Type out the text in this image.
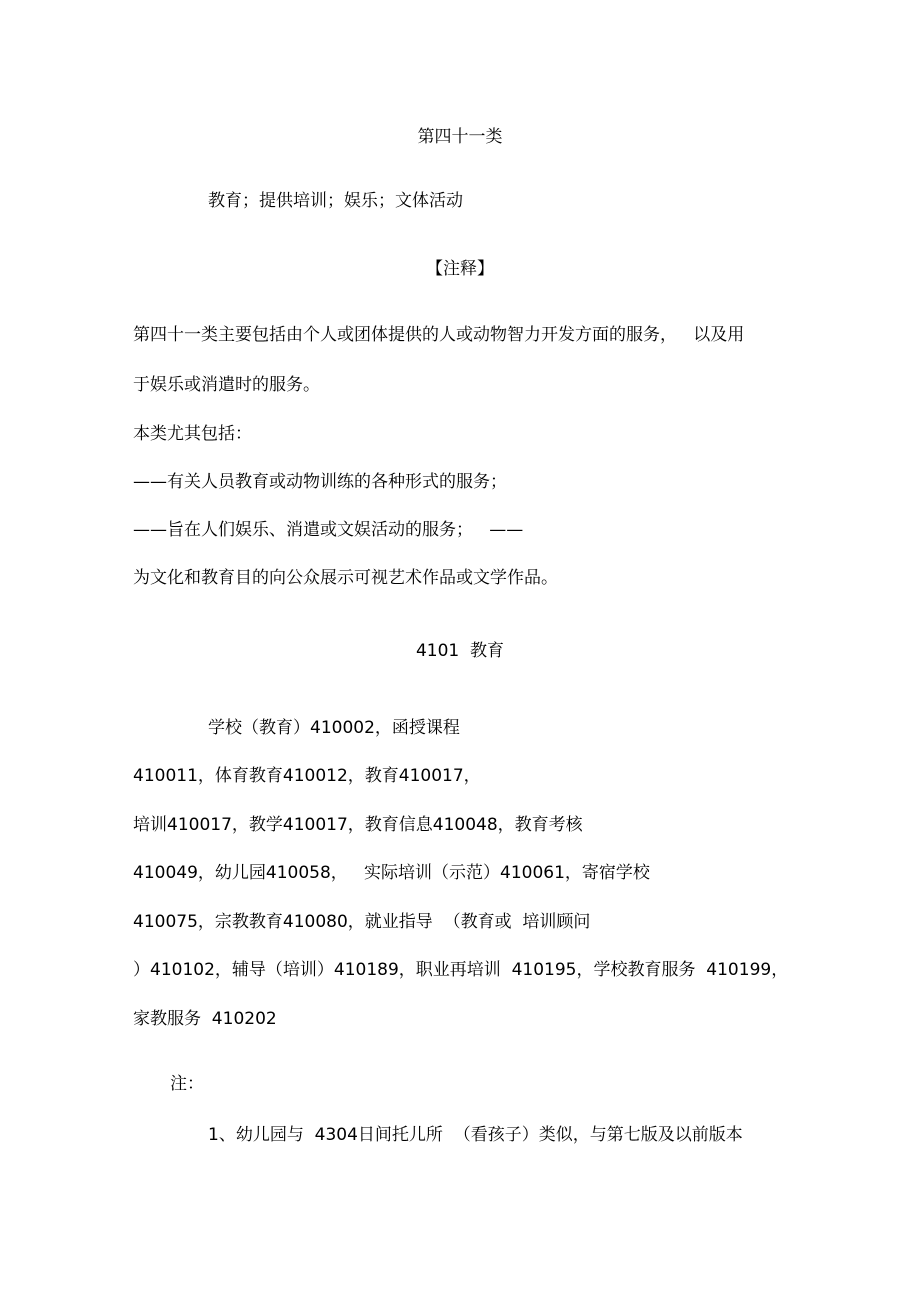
第四十一类
教育；提供培训；娱乐；文体活动
【注释】
第四十一类主要包括由个人或团体提供的人或动物智力开发方面的服务，   以及用
于娱乐或消遣时的服务。
本类尤其包括：
——有关人员教育或动物训练的各种形式的服务；
——旨在人们娱乐、消遣或文娱活动的服务；   ——
为文化和教育目的向公众展示可视艺术作品或文学作品。
4101  教育
学校（教育）410002，函授课程
410011，体育教育410012，教育410017，
培训410017，教学410017，教育信息410048，教育考核
410049，幼儿园410058，   实际培训（示范）410061，寄宿学校
410075，宗教教育410080，就业指导  （教育或  培训顾问
）410102，辅导（培训）410189，职业再培训  410195，学校教育服务  410199，
家教服务  410202
注：
1、幼儿园与  4304日间托儿所  （看孩子）类似，与第七版及以前版本
